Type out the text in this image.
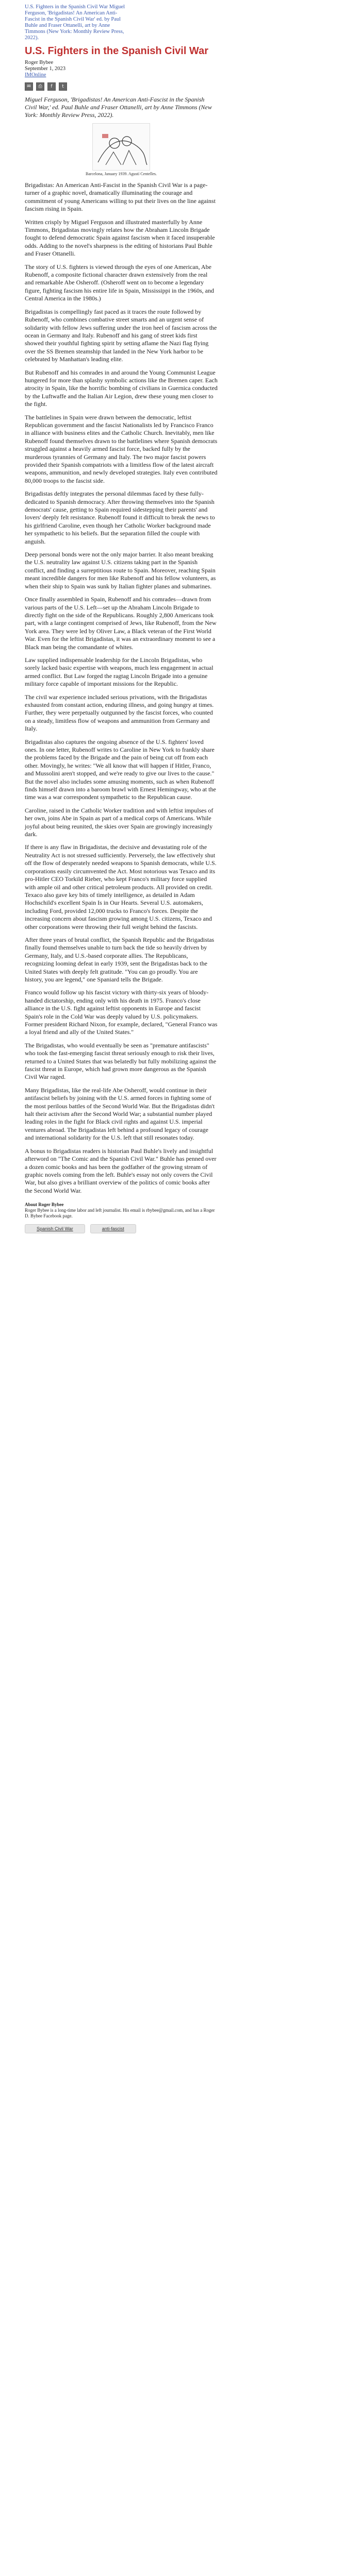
U.S. Fighters in the Spanish Civil War Miguel Ferguson, 'Brigadistas! An American Anti-Fascist in the Spanish Civil War' ed. by Paul Buhle and Fraser Ottanelli, art by Anne Timmons (New York: Monthly Review Press, 2022).
U.S. Fighters in the Spanish Civil War
Roger Bybee
September 1, 2023
IMOnline
✉	⎙	f	t

Miguel Ferguson, 'Brigadistas! An American Anti-Fascist in the Spanish Civil War,' ed. Paul Buhle and Fraser Ottanelli, art by Anne Timmons (New York: Monthly Review Press, 2022).

Barcelona, January 1939. Agustí Centelles.

Brigadistas: An American Anti-Fascist in the Spanish Civil War is a page-turner of a graphic novel, dramatically illuminating the courage and commitment of young Americans willing to put their lives on the line against fascism rising in Spain.

Written crisply by Miguel Ferguson and illustrated masterfully by Anne Timmons, Brigadistas movingly relates how the Abraham Lincoln Brigade fought to defend democratic Spain against fascism when it faced insuperable odds. Adding to the novel's sharpness is the editing of historians Paul Buhle and Fraser Ottanelli.

The story of U.S. fighters is viewed through the eyes of one American, Abe Rubenoff, a composite fictional character drawn extensively from the real and remarkable Abe Osheroff. (Osheroff went on to become a legendary figure, fighting fascism his entire life in Spain, Mississippi in the 1960s, and Central America in the 1980s.)

Brigadistas is compellingly fast paced as it traces the route followed by Rubenoff, who combines combative street smarts and an urgent sense of solidarity with fellow Jews suffering under the iron heel of fascism across the ocean in Germany and Italy. Rubenoff and his gang of street kids first showed their youthful fighting spirit by setting aflame the Nazi flag flying over the SS Bremen steamship that landed in the New York harbor to be celebrated by Manhattan's leading elite.

But Rubenoff and his comrades in and around the Young Communist League hungered for more than splashy symbolic actions like the Bremen caper. Each atrocity in Spain, like the horrific bombing of civilians in Guernica conducted by the Luftwaffe and the Italian Air Legion, drew these young men closer to the fight.

The battlelines in Spain were drawn between the democratic, leftist Republican government and the fascist Nationalists led by Francisco Franco in alliance with business elites and the Catholic Church. Inevitably, men like Rubenoff found themselves drawn to the battlelines where Spanish democrats struggled against a heavily armed fascist force, backed fully by the murderous tyrannies of Germany and Italy. The two major fascist powers provided their Spanish compatriots with a limitless flow of the latest aircraft weapons, ammunition, and newly developed strategies. Italy even contributed 80,000 troops to the fascist side.

Brigadistas deftly integrates the personal dilemmas faced by these fully-dedicated to Spanish democracy. After throwing themselves into the Spanish democrats' cause, getting to Spain required sidestepping their parents' and lovers' deeply felt resistance. Rubenoff found it difficult to break the news to his girlfriend Caroline, even though her Catholic Worker background made her sympathetic to his beliefs. But the separation filled the couple with anguish.

Deep personal bonds were not the only major barrier. It also meant breaking the U.S. neutrality law against U.S. citizens taking part in the Spanish conflict, and finding a surreptitious route to Spain. Moreover, reaching Spain meant incredible dangers for men like Rubenoff and his fellow volunteers, as when their ship to Spain was sunk by Italian fighter planes and submarines.

Once finally assembled in Spain, Rubenoff and his comrades—drawn from various parts of the U.S. Left—set up the Abraham Lincoln Brigade to directly fight on the side of the Republicans. Roughly 2,800 Americans took part, with a large contingent comprised of Jews, like Rubenoff, from the New York area. They were led by Oliver Law, a Black veteran of the First World War. Even for the leftist Brigadistas, it was an extraordinary moment to see a Black man being the comandante of whites.

Law supplied indispensable leadership for the Lincoln Brigadistas, who sorely lacked basic expertise with weapons, much less engagement in actual armed conflict. But Law forged the ragtag Lincoln Brigade into a genuine military force capable of important missions for the Republic.

The civil war experience included serious privations, with the Brigadistas exhausted from constant action, enduring illness, and going hungry at times. Further, they were perpetually outgunned by the fascist forces, who counted on a steady, limitless flow of weapons and ammunition from Germany and Italy.

Brigadistas also captures the ongoing absence of the U.S. fighters' loved ones. In one letter, Rubenoff writes to Caroline in New York to frankly share the problems faced by the Brigade and the pain of being cut off from each other. Movingly, he writes: "We all know that will happen if Hitler, Franco, and Mussolini aren't stopped, and we're ready to give our lives to the cause." But the novel also includes some amusing moments, such as when Rubenoff finds himself drawn into a baroom brawl with Ernest Hemingway, who at the time was a war correspondent sympathetic to the Republican cause.

Caroline, raised in the Catholic Worker tradition and with leftist impulses of her own, joins Abe in Spain as part of a medical corps of Americans. While joyful about being reunited, the skies over Spain are growingly increasingly dark.

If there is any flaw in Brigadistas, the decisive and devastating role of the Neutrality Act is not stressed sufficiently. Perversely, the law effectively shut off the flow of desperately needed weapons to Spanish democrats, while U.S. corporations easily circumvented the Act. Most notorious was Texaco and its pro-Hitler CEO Torkild Rieber, who kept Franco's military force supplied with ample oil and other critical petroleum products. All provided on credit. Texaco also gave key bits of timely intelligence, as detailed in Adam Hochschild's excellent Spain Is in Our Hearts. Several U.S. automakers, including Ford, provided 12,000 trucks to Franco's forces. Despite the increasing concern about fascism growing among U.S. citizens, Texaco and other corporations were throwing their full weight behind the fascists.

After three years of brutal conflict, the Spanish Republic and the Brigadistas finally found themselves unable to turn back the tide so heavily driven by Germany, Italy, and U.S.-based corporate allies. The Republicans, recognizing looming defeat in early 1939, sent the Brigadistas back to the United States with deeply felt gratitude. "You can go proudly. You are history, you are legend," one Spaniard tells the Brigade.

Franco would follow up his fascist victory with thirty-six years of bloody-handed dictatorship, ending only with his death in 1975. Franco's close alliance in the U.S. fight against leftist opponents in Europe and fascist Spain's role in the Cold War was deeply valued by U.S. policymakers. Former president Richard Nixon, for example, declared, "General Franco was a loyal friend and ally of the United States."

The Brigadistas, who would eventually be seen as "premature antifascists" who took the fast-emerging fascist threat seriously enough to risk their lives, returned to a United States that was belatedly but fully mobilizing against the fascist threat in Europe, which had grown more dangerous as the Spanish Civil War raged.

Many Brigadistas, like the real-life Abe Osheroff, would continue in their antifascist beliefs by joining with the U.S. armed forces in fighting some of the most perilous battles of the Second World War. But the Brigadistas didn't halt their activism after the Second World War; a substantial number played leading roles in the fight for Black civil rights and against U.S. imperial ventures abroad. The Brigadistas left behind a profound legacy of courage and international solidarity for the U.S. left that still resonates today.

A bonus to Brigadistas readers is historian Paul Buhle's lively and insightful afterword on "The Comic and the Spanish Civil War." Buhle has penned over a dozen comic books and has been the godfather of the growing stream of graphic novels coming from the left. Buhle's essay not only covers the Civil War, but also gives a brilliant overview of the politics of comic books after the Second World War.

About Roger Bybee
Roger Bybee is a long-time labor and left journalist. His email is rbybee@gmail.com, and has a Roger D. Bybee Facebook page.
Spanish Civil War	anti-fascist
